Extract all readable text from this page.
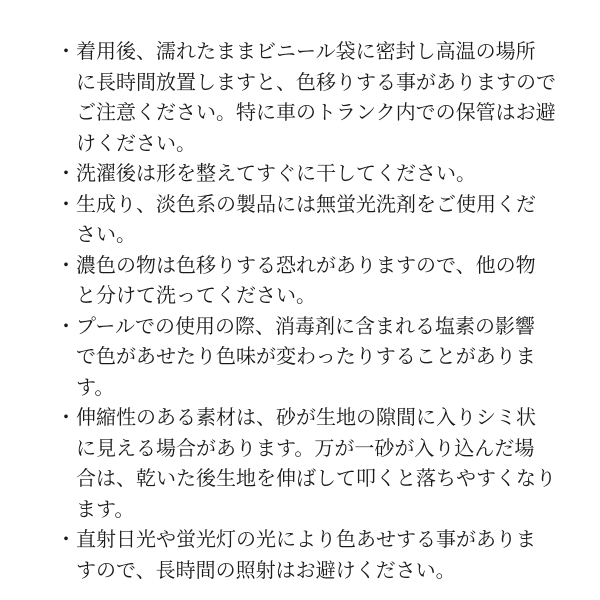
・ 着用後、濡れたままビニール袋に密封し高温の場所
に長時間放置しますと、色移りする事がありますので
ご注意ください。特に車のトランク内での保管はお避
けください。
・ 洗濯後は形を整えてすぐに干してください。
・ 生成り、淡色系の製品には無蛍光洗剤をご使用くだ
さい。
・ 濃色の物は色移りする恐れがありますので、他の物
と分けて洗ってください。
・ プールでの使用の際、消毒剤に含まれる塩素の影響
で色があせたり色味が変わったりすることがありま
す。
・ 伸縮性のある素材は、砂が生地の隙間に入りシミ状
に見える場合があります。万が一砂が入り込んだ場
合は、乾いた後生地を伸ばして叩くと落ちやすくなり
ます。
・ 直射日光や蛍光灯の光により色あせする事がありま
すので、長時間の照射はお避けください。
